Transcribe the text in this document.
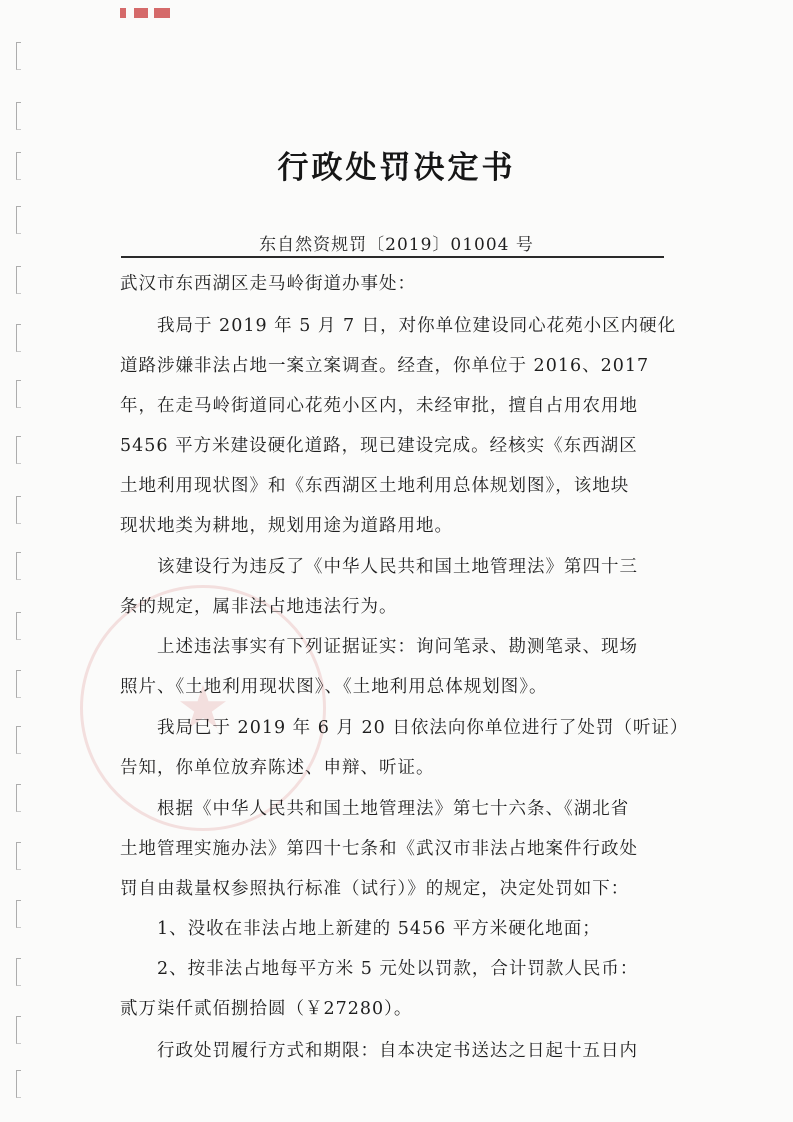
★
行政处罚决定书
东自然资规罚〔2019〕01004 号
武汉市东西湖区走马岭街道办事处：
　　我局于 2019 年 5 月 7 日，对你单位建设同心花苑小区内硬化
道路涉嫌非法占地一案立案调查。经查，你单位于 2016、2017
年，在走马岭街道同心花苑小区内，未经审批，擅自占用农用地
5456 平方米建设硬化道路，现已建设完成。经核实《东西湖区
土地利用现状图》和《东西湖区土地利用总体规划图》，该地块
现状地类为耕地，规划用途为道路用地。
　　该建设行为违反了《中华人民共和国土地管理法》第四十三
条的规定，属非法占地违法行为。
　　上述违法事实有下列证据证实：询问笔录、勘测笔录、现场
照片、《土地利用现状图》、《土地利用总体规划图》。
　　我局已于 2019 年 6 月 20 日依法向你单位进行了处罚（听证）
告知，你单位放弃陈述、申辩、听证。
　　根据《中华人民共和国土地管理法》第七十六条、《湖北省
土地管理实施办法》第四十七条和《武汉市非法占地案件行政处
罚自由裁量权参照执行标准（试行）》的规定，决定处罚如下：
　　1、没收在非法占地上新建的 5456 平方米硬化地面；
　　2、按非法占地每平方米 5 元处以罚款，合计罚款人民币：
贰万柒仟贰佰捌拾圆（￥27280）。
　　行政处罚履行方式和期限：自本决定书送达之日起十五日内
